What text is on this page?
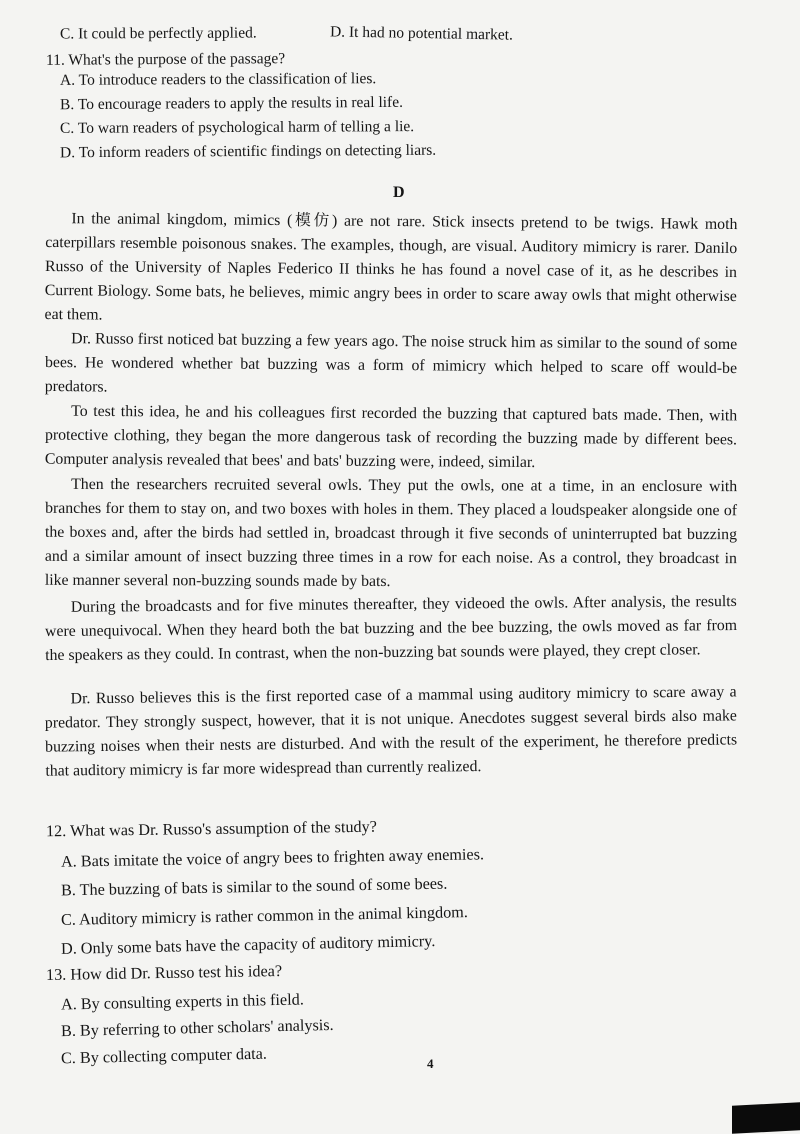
C. It could be perfectly applied.	D. It had no potential market.
11. What's the purpose of the passage?
A. To introduce readers to the classification of lies.
B. To encourage readers to apply the results in real life.
C. To warn readers of psychological harm of telling a lie.
D. To inform readers of scientific findings on detecting liars.
D
In the animal kingdom, mimics (模仿) are not rare. Stick insects pretend to be twigs. Hawk moth caterpillars resemble poisonous snakes. The examples, though, are visual. Auditory mimicry is rarer. Danilo Russo of the University of Naples Federico II thinks he has found a novel case of it, as he describes in Current Biology. Some bats, he believes, mimic angry bees in order to scare away owls that might otherwise eat them.
Dr. Russo first noticed bat buzzing a few years ago. The noise struck him as similar to the sound of some bees. He wondered whether bat buzzing was a form of mimicry which helped to scare off would-be predators.
To test this idea, he and his colleagues first recorded the buzzing that captured bats made. Then, with protective clothing, they began the more dangerous task of recording the buzzing made by different bees. Computer analysis revealed that bees' and bats' buzzing were, indeed, similar.
Then the researchers recruited several owls. They put the owls, one at a time, in an enclosure with branches for them to stay on, and two boxes with holes in them. They placed a loudspeaker alongside one of the boxes and, after the birds had settled in, broadcast through it five seconds of uninterrupted bat buzzing and a similar amount of insect buzzing three times in a row for each noise. As a control, they broadcast in like manner several non-buzzing sounds made by bats.
During the broadcasts and for five minutes thereafter, they videoed the owls. After analysis, the results were unequivocal. When they heard both the bat buzzing and the bee buzzing, the owls moved as far from the speakers as they could. In contrast, when the non-buzzing bat sounds were played, they crept closer.
Dr. Russo believes this is the first reported case of a mammal using auditory mimicry to scare away a predator. They strongly suspect, however, that it is not unique. Anecdotes suggest several birds also make buzzing noises when their nests are disturbed. And with the result of the experiment, he therefore predicts that auditory mimicry is far more widespread than currently realized.
12. What was Dr. Russo's assumption of the study?
A. Bats imitate the voice of angry bees to frighten away enemies.
B. The buzzing of bats is similar to the sound of some bees.
C. Auditory mimicry is rather common in the animal kingdom.
D. Only some bats have the capacity of auditory mimicry.
13. How did Dr. Russo test his idea?
A. By consulting experts in this field.
B. By referring to other scholars' analysis.
C. By collecting computer data.	4
